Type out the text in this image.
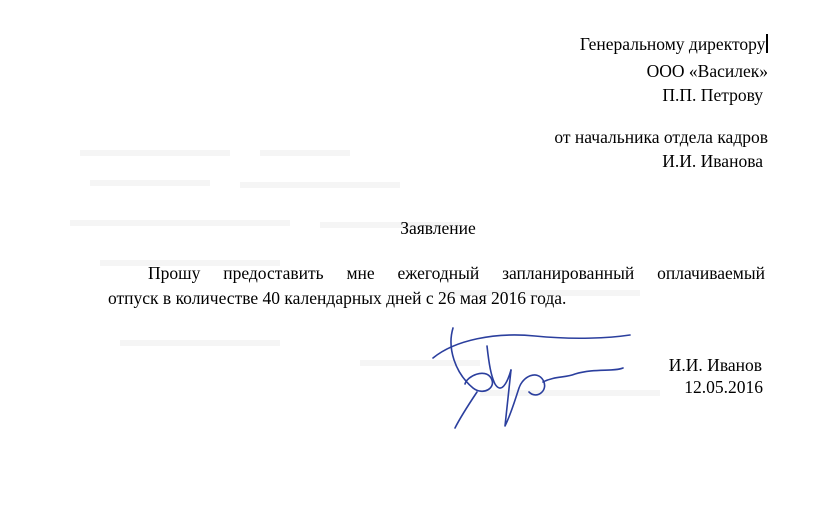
Генеральному директору
ООО «Василек»
П.П. Петрову
от начальника отдела кадров
И.И. Иванова
Заявление
Прошу предоставить мне ежегодный запланированный оплачиваемый
отпуск в количестве 40 календарных дней с 26 мая 2016 года.
И.И. Иванов
12.05.2016
